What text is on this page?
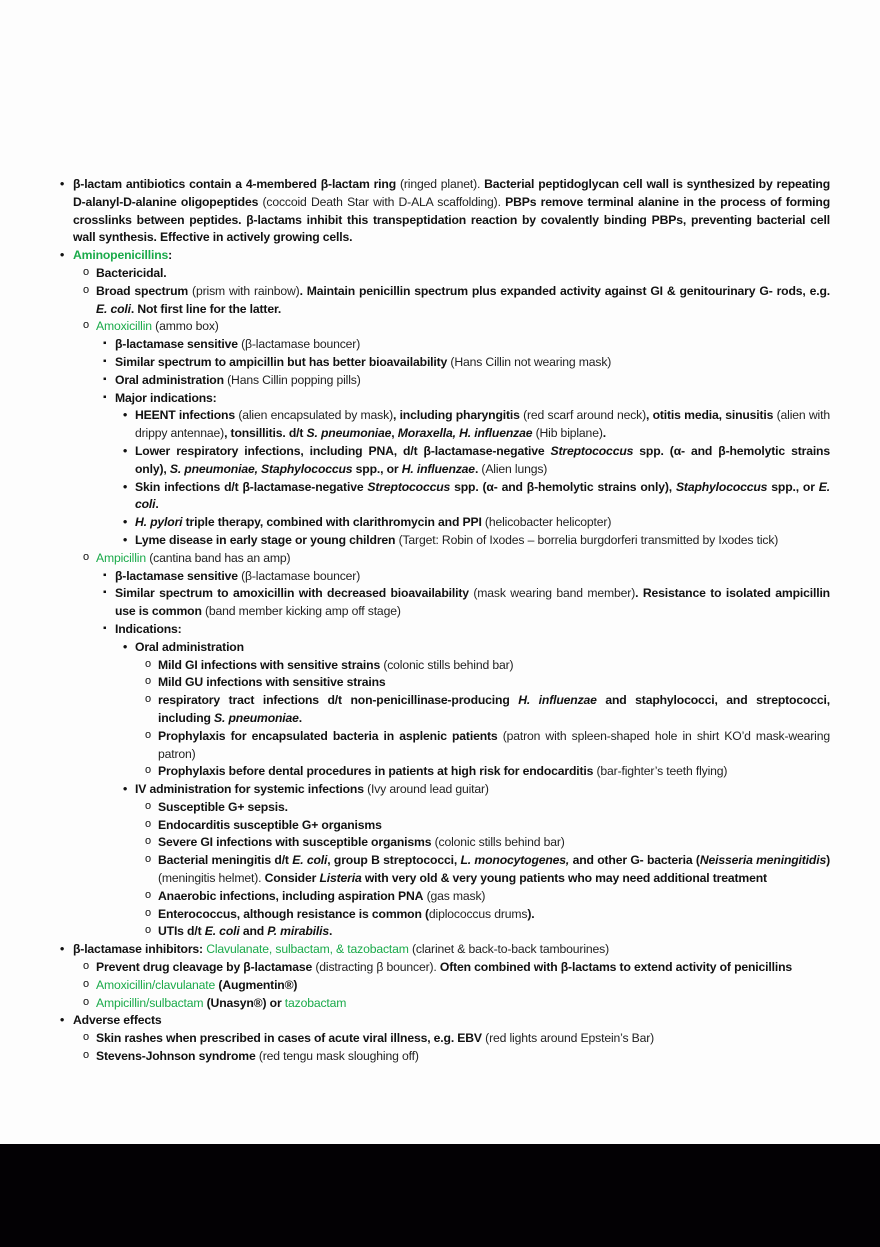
• β-lactam antibiotics contain a 4-membered β-lactam ring (ringed planet). Bacterial peptidoglycan cell wall is synthesized by repeating D-alanyl-D-alanine oligopeptides (coccoid Death Star with D-ALA scaffolding). PBPs remove terminal alanine in the process of forming crosslinks between peptides. β-lactams inhibit this transpeptidation reaction by covalently binding PBPs, preventing bacterial cell wall synthesis. Effective in actively growing cells.
• Aminopenicillins:
o Bactericidal.
o Broad spectrum (prism with rainbow). Maintain penicillin spectrum plus expanded activity against GI & genitourinary G- rods, e.g. E. coli. Not first line for the latter.
o Amoxicillin (ammo box)
▪ β-lactamase sensitive (β-lactamase bouncer)
▪ Similar spectrum to ampicillin but has better bioavailability (Hans Cillin not wearing mask)
▪ Oral administration (Hans Cillin popping pills)
▪ Major indications:
• HEENT infections (alien encapsulated by mask), including pharyngitis (red scarf around neck), otitis media, sinusitis (alien with drippy antennae), tonsillitis. d/t S. pneumoniae, Moraxella, H. influenzae (Hib biplane).
• Lower respiratory infections, including PNA, d/t β-lactamase-negative Streptococcus spp. (α- and β-hemolytic strains only), S. pneumoniae, Staphylococcus spp., or H. influenzae. (Alien lungs)
• Skin infections d/t β-lactamase-negative Streptococcus spp. (α- and β-hemolytic strains only), Staphylococcus spp., or E. coli.
• H. pylori triple therapy, combined with clarithromycin and PPI (helicobacter helicopter)
• Lyme disease in early stage or young children (Target: Robin of Ixodes – borrelia burgdorferi transmitted by Ixodes tick)
o Ampicillin (cantina band has an amp)
▪ β-lactamase sensitive (β-lactamase bouncer)
▪ Similar spectrum to amoxicillin with decreased bioavailability (mask wearing band member). Resistance to isolated ampicillin use is common (band member kicking amp off stage)
▪ Indications:
• Oral administration
o Mild GI infections with sensitive strains (colonic stills behind bar)
o Mild GU infections with sensitive strains
o respiratory tract infections d/t non-penicillinase-producing H. influenzae and staphylococci, and streptococci, including S. pneumoniae.
o Prophylaxis for encapsulated bacteria in asplenic patients (patron with spleen-shaped hole in shirt KO’d mask-wearing patron)
o Prophylaxis before dental procedures in patients at high risk for endocarditis (bar-fighter’s teeth flying)
• IV administration for systemic infections (Ivy around lead guitar)
o Susceptible G+ sepsis.
o Endocarditis susceptible G+ organisms
o Severe GI infections with susceptible organisms (colonic stills behind bar)
o Bacterial meningitis d/t E. coli, group B streptococci, L. monocytogenes, and other G- bacteria (Neisseria meningitidis) (meningitis helmet). Consider Listeria with very old & very young patients who may need additional treatment
o Anaerobic infections, including aspiration PNA (gas mask)
o Enterococcus, although resistance is common (diplococcus drums).
o UTIs d/t E. coli and P. mirabilis.
• β-lactamase inhibitors: Clavulanate, sulbactam, & tazobactam (clarinet & back-to-back tambourines)
o Prevent drug cleavage by β-lactamase (distracting β bouncer). Often combined with β-lactams to extend activity of penicillins
o Amoxicillin/clavulanate (Augmentin®)
o Ampicillin/sulbactam (Unasyn®) or tazobactam
• Adverse effects
o Skin rashes when prescribed in cases of acute viral illness, e.g. EBV (red lights around Epstein’s Bar)
o Stevens-Johnson syndrome (red tengu mask sloughing off)
